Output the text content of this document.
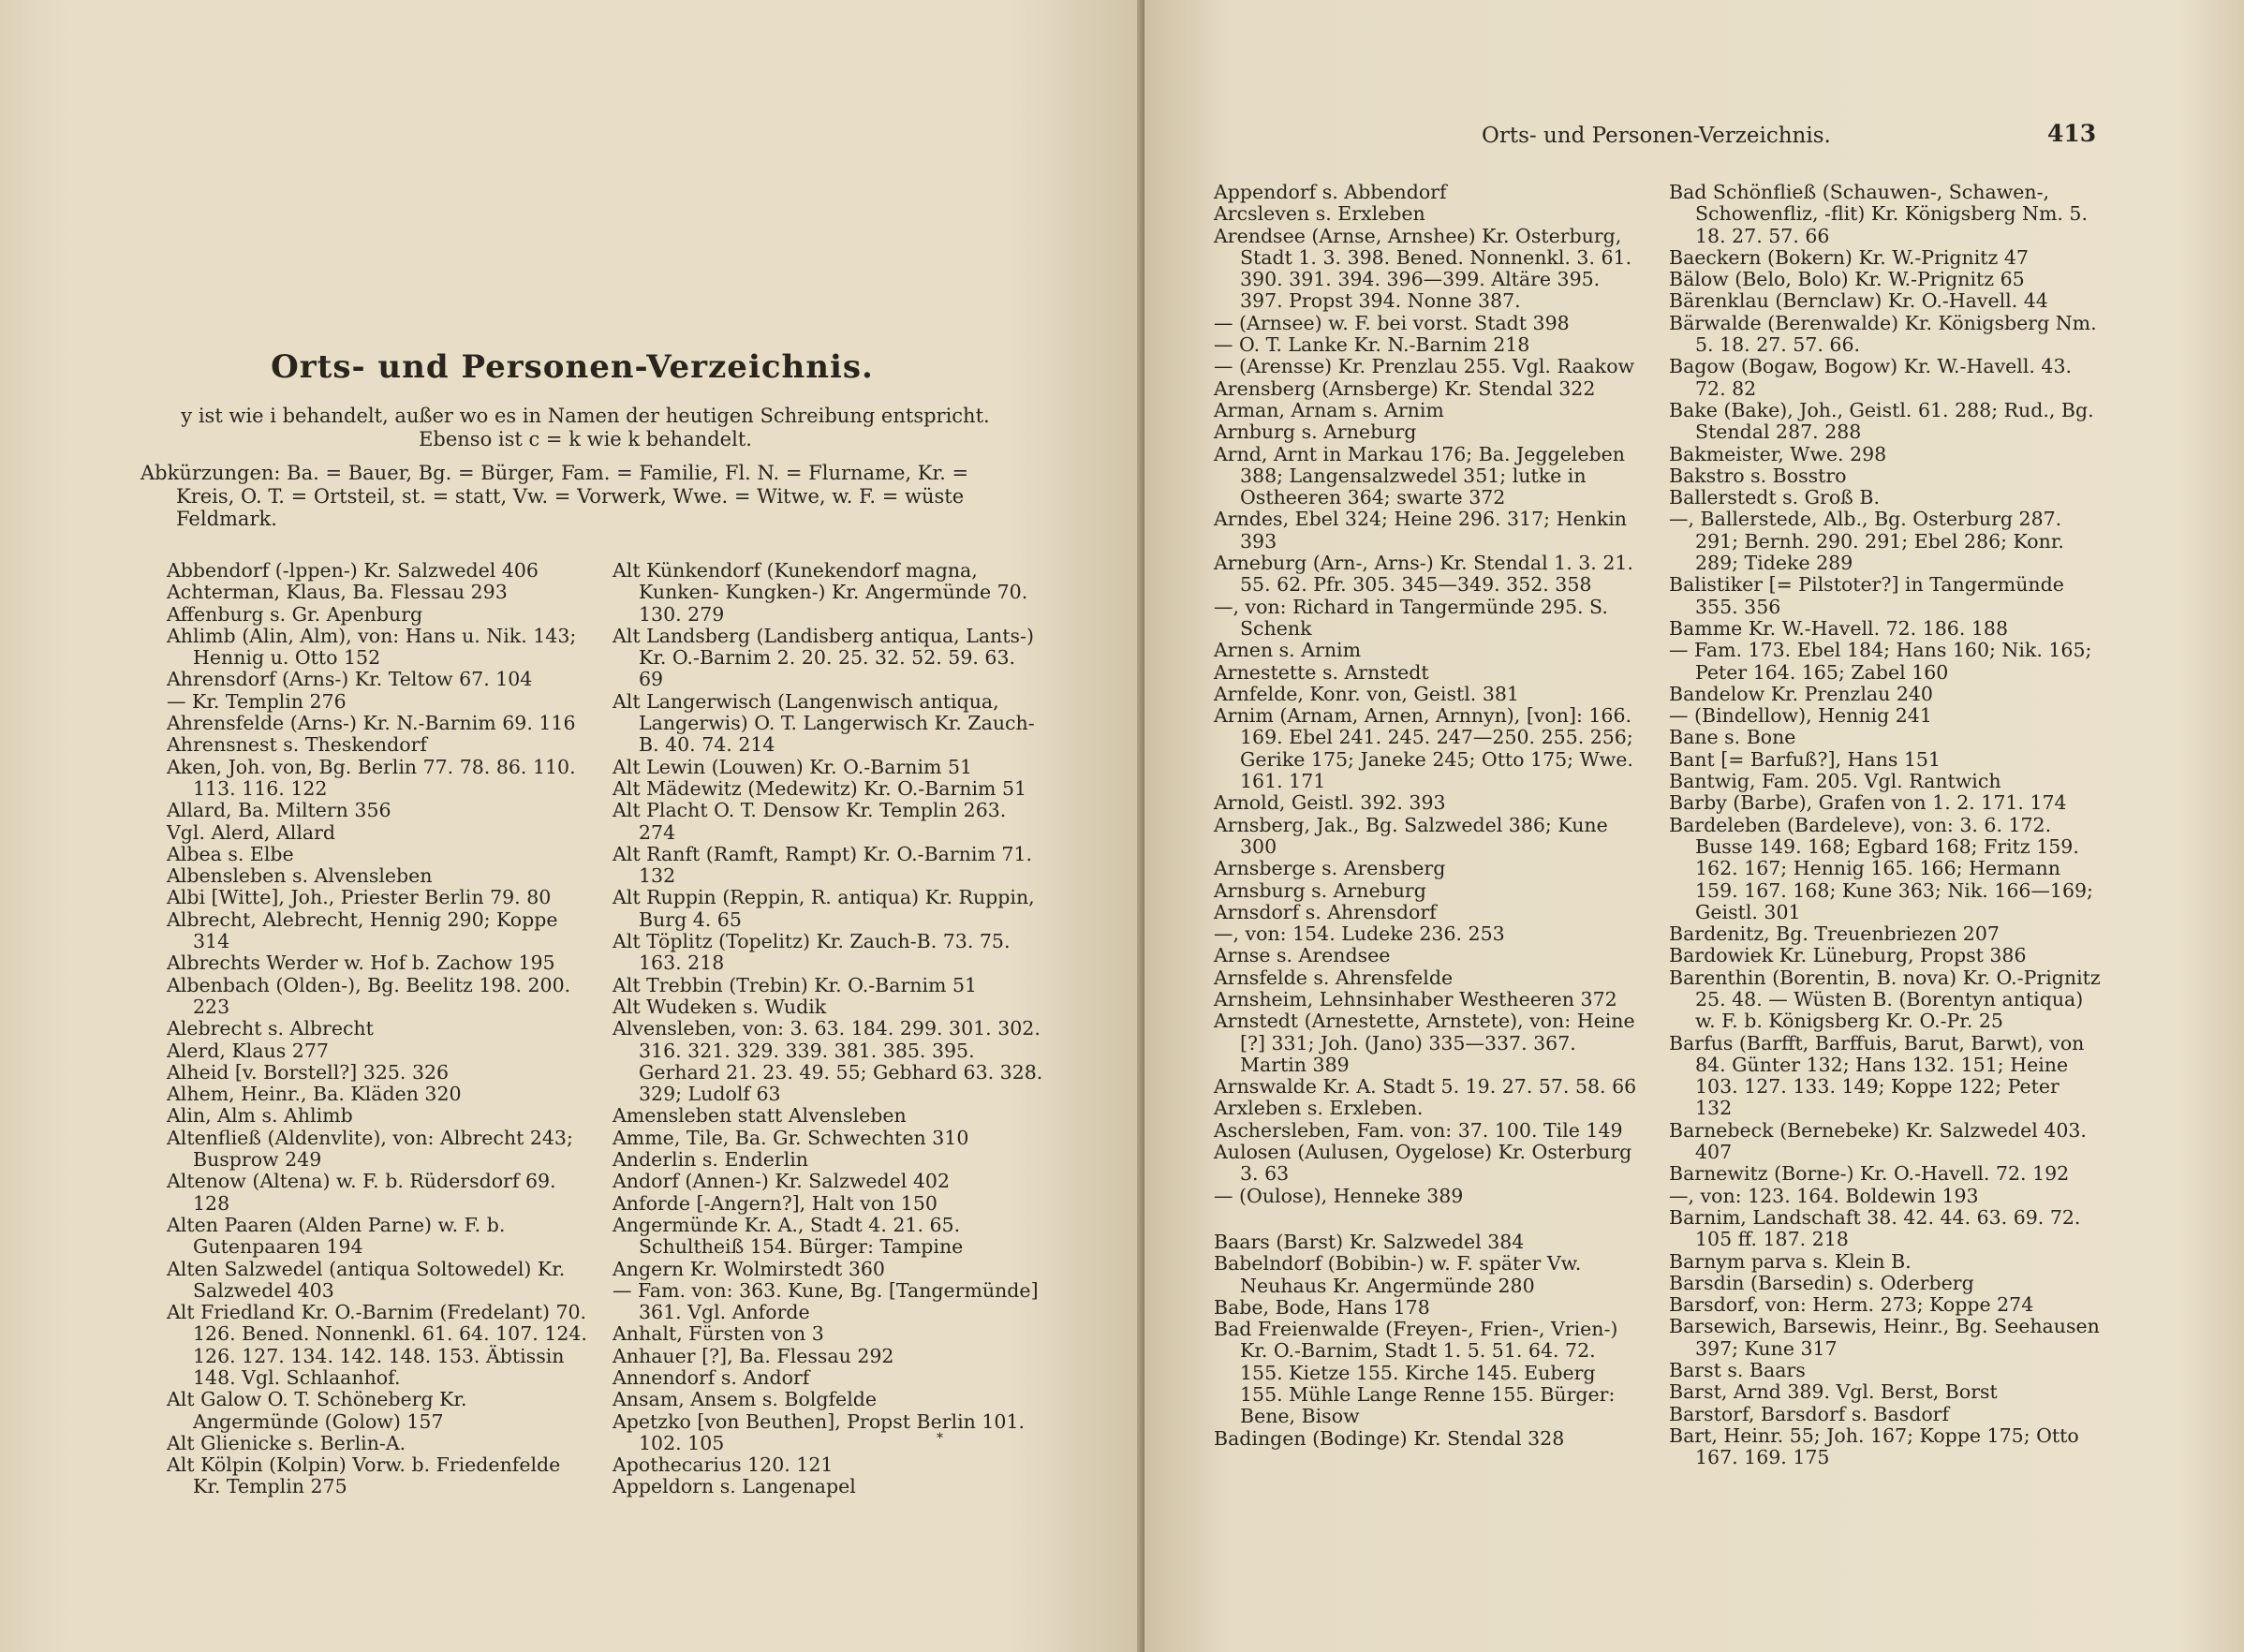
Orts- und Personen-Verzeichnis.

y ist wie i behandelt, außer wo es in Namen der heutigen Schreibung entspricht.

Ebenso ist c = k wie k behandelt.

Abkürzungen: Ba. = Bauer, Bg. = Bürger, Fam. = Familie, Fl. N. = Flurname, Kr. = Kreis, O. T. = Ortsteil, st. = statt, Vw. = Vorwerk, Wwe. = Witwe, w. F. = wüste Feldmark.

Abbendorf (-lppen-) Kr. Salzwedel 406

Achterman, Klaus, Ba. Flessau 293

Affenburg s. Gr. Apenburg

Ahlimb (Alin, Alm), von: Hans u. Nik. 143; Hennig u. Otto 152

Ahrensdorf (Arns-) Kr. Teltow 67. 104

— Kr. Templin 276

Ahrensfelde (Arns-) Kr. N.-Barnim 69. 116

Ahrensnest s. Theskendorf

Aken, Joh. von, Bg. Berlin 77. 78. 86. 110. 113. 116. 122

Allard, Ba. Miltern 356

Vgl. Alerd, Allard

Albea s. Elbe

Albensleben s. Alvensleben

Albi [Witte], Joh., Priester Berlin 79. 80

Albrecht, Alebrecht, Hennig 290; Koppe 314

Albrechts Werder w. Hof b. Zachow 195

Albenbach (Olden-), Bg. Beelitz 198. 200. 223

Alebrecht s. Albrecht

Alerd, Klaus 277

Alheid [v. Borstell?] 325. 326

Alhem, Heinr., Ba. Kläden 320

Alin, Alm s. Ahlimb

Altenfließ (Aldenvlite), von: Albrecht 243; Busprow 249

Altenow (Altena) w. F. b. Rüdersdorf 69. 128

Alten Paaren (Alden Parne) w. F. b. Gutenpaaren 194

Alten Salzwedel (antiqua Soltowedel) Kr. Salzwedel 403

Alt Friedland Kr. O.-Barnim (Fredelant) 70. 126. Bened. Nonnenkl. 61. 64. 107. 124. 126. 127. 134. 142. 148. 153. Äbtissin 148. Vgl. Schlaanhof.

Alt Galow O. T. Schöneberg Kr. Angermünde (Golow) 157

Alt Glienicke s. Berlin-A.

Alt Kölpin (Kolpin) Vorw. b. Friedenfelde Kr. Templin 275

Alt Künkendorf (Kunekendorf magna, Kunken- Kungken-) Kr. Angermünde 70. 130. 279

Alt Landsberg (Landisberg antiqua, Lants-) Kr. O.-Barnim 2. 20. 25. 32. 52. 59. 63. 69

Alt Langerwisch (Langenwisch antiqua, Langerwis) O. T. Langerwisch Kr. Zauch-B. 40. 74. 214

Alt Lewin (Louwen) Kr. O.-Barnim 51

Alt Mädewitz (Medewitz) Kr. O.-Barnim 51

Alt Placht O. T. Densow Kr. Templin 263. 274

Alt Ranft (Ramft, Rampt) Kr. O.-Barnim 71. 132

Alt Ruppin (Reppin, R. antiqua) Kr. Ruppin, Burg 4. 65

Alt Töplitz (Topelitz) Kr. Zauch-B. 73. 75. 163. 218

Alt Trebbin (Trebin) Kr. O.-Barnim 51

Alt Wudeken s. Wudik

Alvensleben, von: 3. 63. 184. 299. 301. 302. 316. 321. 329. 339. 381. 385. 395. Gerhard 21. 23. 49. 55; Gebhard 63. 328. 329; Ludolf 63

Amensleben statt Alvensleben

Amme, Tile, Ba. Gr. Schwechten 310

Anderlin s. Enderlin

Andorf (Annen-) Kr. Salzwedel 402

Anforde [-Angern?], Halt von 150

Angermünde Kr. A., Stadt 4. 21. 65. Schultheiß 154. Bürger: Tampine

Angern Kr. Wolmirstedt 360

— Fam. von: 363. Kune, Bg. [Tangermünde] 361. Vgl. Anforde

Anhalt, Fürsten von 3

Anhauer [?], Ba. Flessau 292

Annendorf s. Andorf

Ansam, Ansem s. Bolgfelde

Apetzko [von Beuthen], Propst Berlin 101. 102. 105

Apothecarius 120. 121

Appeldorn s. Langenapel

*
Orts- und Personen-Verzeichnis.	413

Appendorf s. Abbendorf

Arcsleven s. Erxleben

Arendsee (Arnse, Arnshee) Kr. Osterburg, Stadt 1. 3. 398. Bened. Nonnenkl. 3. 61. 390. 391. 394. 396—399. Altäre 395. 397. Propst 394. Nonne 387.

— (Arnsee) w. F. bei vorst. Stadt 398

— O. T. Lanke Kr. N.-Barnim 218

— (Arensse) Kr. Prenzlau 255. Vgl. Raakow

Arensberg (Arnsberge) Kr. Stendal 322

Arman, Arnam s. Arnim

Arnburg s. Arneburg

Arnd, Arnt in Markau 176; Ba. Jeggeleben 388; Langensalzwedel 351; lutke in Ostheeren 364; swarte 372

Arndes, Ebel 324; Heine 296. 317; Henkin 393

Arneburg (Arn-, Arns-) Kr. Stendal 1. 3. 21. 55. 62. Pfr. 305. 345—349. 352. 358

—, von: Richard in Tangermünde 295. S. Schenk

Arnen s. Arnim

Arnestette s. Arnstedt

Arnfelde, Konr. von, Geistl. 381

Arnim (Arnam, Arnen, Arnnyn), [von]: 166. 169. Ebel 241. 245. 247—250. 255. 256; Gerike 175; Janeke 245; Otto 175; Wwe. 161. 171

Arnold, Geistl. 392. 393

Arnsberg, Jak., Bg. Salzwedel 386; Kune 300

Arnsberge s. Arensberg

Arnsburg s. Arneburg

Arnsdorf s. Ahrensdorf

—, von: 154. Ludeke 236. 253

Arnse s. Arendsee

Arnsfelde s. Ahrensfelde

Arnsheim, Lehnsinhaber Westheeren 372

Arnstedt (Arnestette, Arnstete), von: Heine [?] 331; Joh. (Jano) 335—337. 367. Martin 389

Arnswalde Kr. A. Stadt 5. 19. 27. 57. 58. 66

Arxleben s. Erxleben.

Aschersleben, Fam. von: 37. 100. Tile 149

Aulosen (Aulusen, Oygelose) Kr. Osterburg 3. 63

— (Oulose), Henneke 389

Baars (Barst) Kr. Salzwedel 384

Babelndorf (Bobibin-) w. F. später Vw. Neuhaus Kr. Angermünde 280

Babe, Bode, Hans 178

Bad Freienwalde (Freyen-, Frien-, Vrien-) Kr. O.-Barnim, Stadt 1. 5. 51. 64. 72. 155. Kietze 155. Kirche 145. Euberg 155. Mühle Lange Renne 155. Bürger: Bene, Bisow

Badingen (Bodinge) Kr. Stendal 328

Bad Schönfließ (Schauwen-, Schawen-, Schowenfliz, -flit) Kr. Königsberg Nm. 5. 18. 27. 57. 66

Baeckern (Bokern) Kr. W.-Prignitz 47

Bälow (Belo, Bolo) Kr. W.-Prignitz 65

Bärenklau (Bernclaw) Kr. O.-Havell. 44

Bärwalde (Berenwalde) Kr. Königsberg Nm. 5. 18. 27. 57. 66.

Bagow (Bogaw, Bogow) Kr. W.-Havell. 43. 72. 82

Bake (Bake), Joh., Geistl. 61. 288; Rud., Bg. Stendal 287. 288

Bakmeister, Wwe. 298

Bakstro s. Bosstro

Ballerstedt s. Groß B.

—, Ballerstede, Alb., Bg. Osterburg 287. 291; Bernh. 290. 291; Ebel 286; Konr. 289; Tideke 289

Balistiker [= Pilstoter?] in Tangermünde 355. 356

Bamme Kr. W.-Havell. 72. 186. 188

— Fam. 173. Ebel 184; Hans 160; Nik. 165; Peter 164. 165; Zabel 160

Bandelow Kr. Prenzlau 240

— (Bindellow), Hennig 241

Bane s. Bone

Bant [= Barfuß?], Hans 151

Bantwig, Fam. 205. Vgl. Rantwich

Barby (Barbe), Grafen von 1. 2. 171. 174

Bardeleben (Bardeleve), von: 3. 6. 172. Busse 149. 168; Egbard 168; Fritz 159. 162. 167; Hennig 165. 166; Hermann 159. 167. 168; Kune 363; Nik. 166—169; Geistl. 301

Bardenitz, Bg. Treuenbriezen 207

Bardowiek Kr. Lüneburg, Propst 386

Barenthin (Borentin, B. nova) Kr. O.-Prignitz 25. 48. — Wüsten B. (Borentyn antiqua) w. F. b. Königsberg Kr. O.-Pr. 25

Barfus (Barfft, Barffuis, Barut, Barwt), von 84. Günter 132; Hans 132. 151; Heine 103. 127. 133. 149; Koppe 122; Peter 132

Barnebeck (Bernebeke) Kr. Salzwedel 403. 407

Barnewitz (Borne-) Kr. O.-Havell. 72. 192

—, von: 123. 164. Boldewin 193

Barnim, Landschaft 38. 42. 44. 63. 69. 72. 105 ff. 187. 218

Barnym parva s. Klein B.

Barsdin (Barsedin) s. Oderberg

Barsdorf, von: Herm. 273; Koppe 274

Barsewich, Barsewis, Heinr., Bg. Seehausen 397; Kune 317

Barst s. Baars

Barst, Arnd 389. Vgl. Berst, Borst

Barstorf, Barsdorf s. Basdorf

Bart, Heinr. 55; Joh. 167; Koppe 175; Otto 167. 169. 175
